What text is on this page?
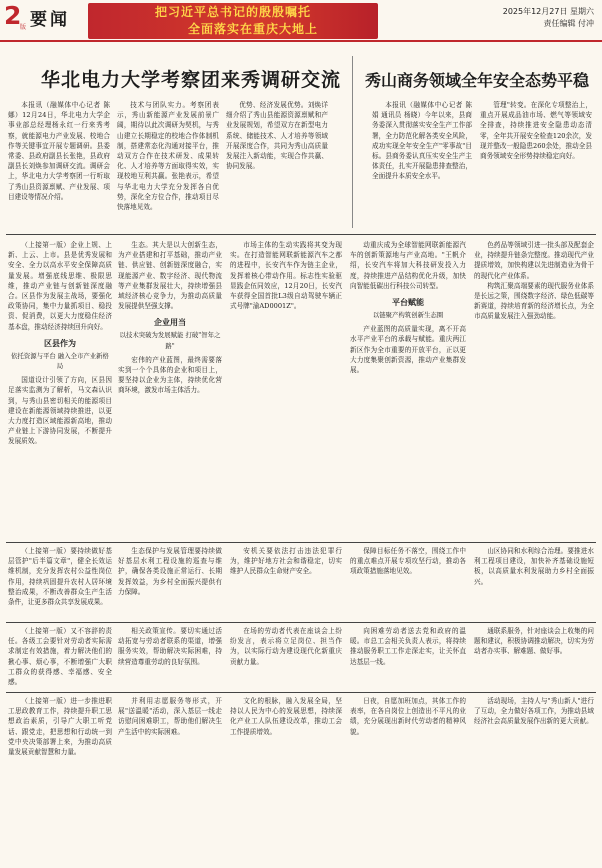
2
版 要闻	把习近平总书记的殷殷嘱托
全面落实在重庆大地上
2025年12月27日 星期六
责任编辑 付冲
华北电力大学考察团来秀调研交流	秀山商务领域全年安全态势平稳

本报讯（融媒体中心记者 陈娜）12月24日，华北电力大学企事业部总经理杨永红一行来秀考察，就能源电力产业发展、校地合作等关键事宜开展专题调研。县委常委、县政府副县长张艳，县政府副县长刘焕参加调研交流。调研会上，华北电力大学考察团一行听取了秀山县资源禀赋、产业发展、项目建设等情况介绍。

技术与团队实力。考察团表示，秀山新能源产业发展前景广阔，期待以此次调研为契机，与秀山建立长期稳定的校地合作体制机制，搭建常态化沟通对接平台，推动双方合作在技术研发、成果转化、人才培养等方面取得实效，实现校地互利共赢。张艳表示，希望与华北电力大学充分发挥各自优势，深化全方位合作，推动项目尽快落地见效。

优势、经济发展优势。刘焕详细介绍了秀山县能源资源禀赋和产业发展规划，希望双方在新型电力系统、储能技术、人才培养等领域开展深度合作，共同为秀山高质量发展注入新动能，实现合作共赢、协同发展。

本报讯（融媒体中心记者 陈娟 通讯员 杨晓）今年以来，县商务委深入贯彻落实安全生产工作部署，全力防范化解各类安全风险，成功实现全年安全生产"零事故"目标。县商务委认真压实安全生产主体责任，扎实开展隐患排查整治，全面提升本质安全水平。

管理"转变。在深化专项整治上，重点开展成品油市场、燃气等领域安全排查，持续推进安全隐患动态清零，全年共开展安全检查120余次，发现并整改一般隐患260余处，推动全县商务领域安全形势持续稳定向好。

（上接第一版）企业上规、上新、上云、上市。县是优秀发展和安全、全力以高水平安全保障高质量发展。增强底线思维、极限思维，推动产业链与创新链深度融合。区县作为发展主战场，要强化政策协同，集中力量抓项目、稳投资、促消费，以更大力度稳住经济基本盘，推动经济持续回升向好。

区县作为

依托资源与平台 融入全市产业新格局

国道设计引领了方向，区县因足落实监测为了解析，马文森认识到，与秀山县密切相关的能源项目建设在新能源领域持续推进，以更大力度打造区域能源新高地，推动产业链上下游协同发展，不断提升发展质效。

生态。其大是以大创新生态，为产业搭建和打平基础，推动产业链、供应链、创新链深度融合，实现能源产业、数字经济、现代物流等产业集群发展壮大，持续增强县域经济核心竞争力，为推动高质量发展提供坚强支撑。

企业用当

以技术突破为发展赋能 打破"智年之路"

宏伟的产业蓝图，最终需要落实到一个个具体的企业和项目上，要坚持以企业为主体，持续优化营商环境，激发市场主体活力。

市场主体的生动实践将其变为现实。在打造智能网联新能源汽车之都的进程中，长安汽车作为链主企业，发挥着核心带动作用。标志性实验驱显践企伍同效应，12月20日，长安汽车获得全国首批L3级自动驾驶车辆正式号牌"渝AD0001Z"。

动重庆成为全球智能网联新能源汽车的创新策源地与产业高地。"王帆介绍，长安汽车将加大科技研发投入力度，持续推进产品结构优化升级，加快向智能低碳出行科技公司转型。

平台赋能

以链聚产构筑创新生态圈

产业蓝图的高质量实现，离不开高水平产业平台的承载与赋能。重庆两江新区作为全市重要的开放平台，正以更大力度集聚创新资源，推动产业集群发展。

色药品等领域引进一批头部及配套企业，持续提升链条完整度。推动现代产业提质增效，加快构建以先进制造业为骨干的现代化产业体系。

构筑汇聚高端要素的现代服务业体系是长远之策，围绕数字经济、绿色低碳等新赛道，持续培育新的经济增长点，为全市高质量发展注入强劲动能。

（上接第一版）要持续做好基层管护"后半篇文章"，健全长效运维机制，充分发挥农村公益性岗位作用，持续巩固提升农村人居环境整治成果，不断改善群众生产生活条件，让更多群众共享发展成果。

生态保护与发展管理要持续做好基层水利工程设施的巡查与维护，确保各类设施正常运行、长期发挥效益，为乡村全面振兴提供有力保障。

安机关要依法打击违法犯罪行为，维护好地方社会和谐稳定，切实维护人民群众生命财产安全。

保障目标任务不落空，围绕工作中的重点难点开展专项攻坚行动，推动各项政策措施落地见效。

山区协同和水利综合治理。要推进水利工程项目建设，加快补齐基础设施短板，以高质量水利发展助力乡村全面振兴。

（上接第一版）又不容辞的责任。各级工会要针对劳动者实际需求制定有效措施，着力解决他们的揪心事、烦心事，不断增强广大职工群众的获得感、幸福感、安全感。

相关政策宣传。要切实通过活动拓宽与劳动者联系的渠道，增强服务实效，帮助解决实际困难，持续营造尊重劳动的良好氛围。

在场的劳动者代表在座谈会上纷纷发言，表示将立足岗位、担当作为，以实际行动为建设现代化新重庆贡献力量。

向困难劳动者送去党和政府的温暖。市总工会相关负责人表示，将持续推动服务职工工作走深走实，让关怀直达基层一线。

通联系服务，针对座谈会上收集的问题和建议，积极协调推动解决，切实为劳动者办实事、解难题、做好事。

（上接第一版）进一步推进职工思政教育工作，持续提升职工思想政治素质，引导广大职工听党话、跟党走，把思想和行动统一到党中央决策部署上来，为推动高质量发展贡献智慧和力量。

并利用志愿服务等形式，开展"送温暖"活动，深入基层一线走访慰问困难职工，帮助他们解决生产生活中的实际困难。

文化的根脉，融入发展全局，坚持以人民为中心的发展思想，持续深化产业工人队伍建设改革，推动工会工作提质增效。

日夜，自愿加班加点，其体工作的表率，在各自岗位上创造出不平凡的业绩，充分展现出新时代劳动者的精神风貌。

活动现场，主持人与"秀山新人"进行了互动，全力做好各项工作，为推动县域经济社会高质量发展作出新的更大贡献。
